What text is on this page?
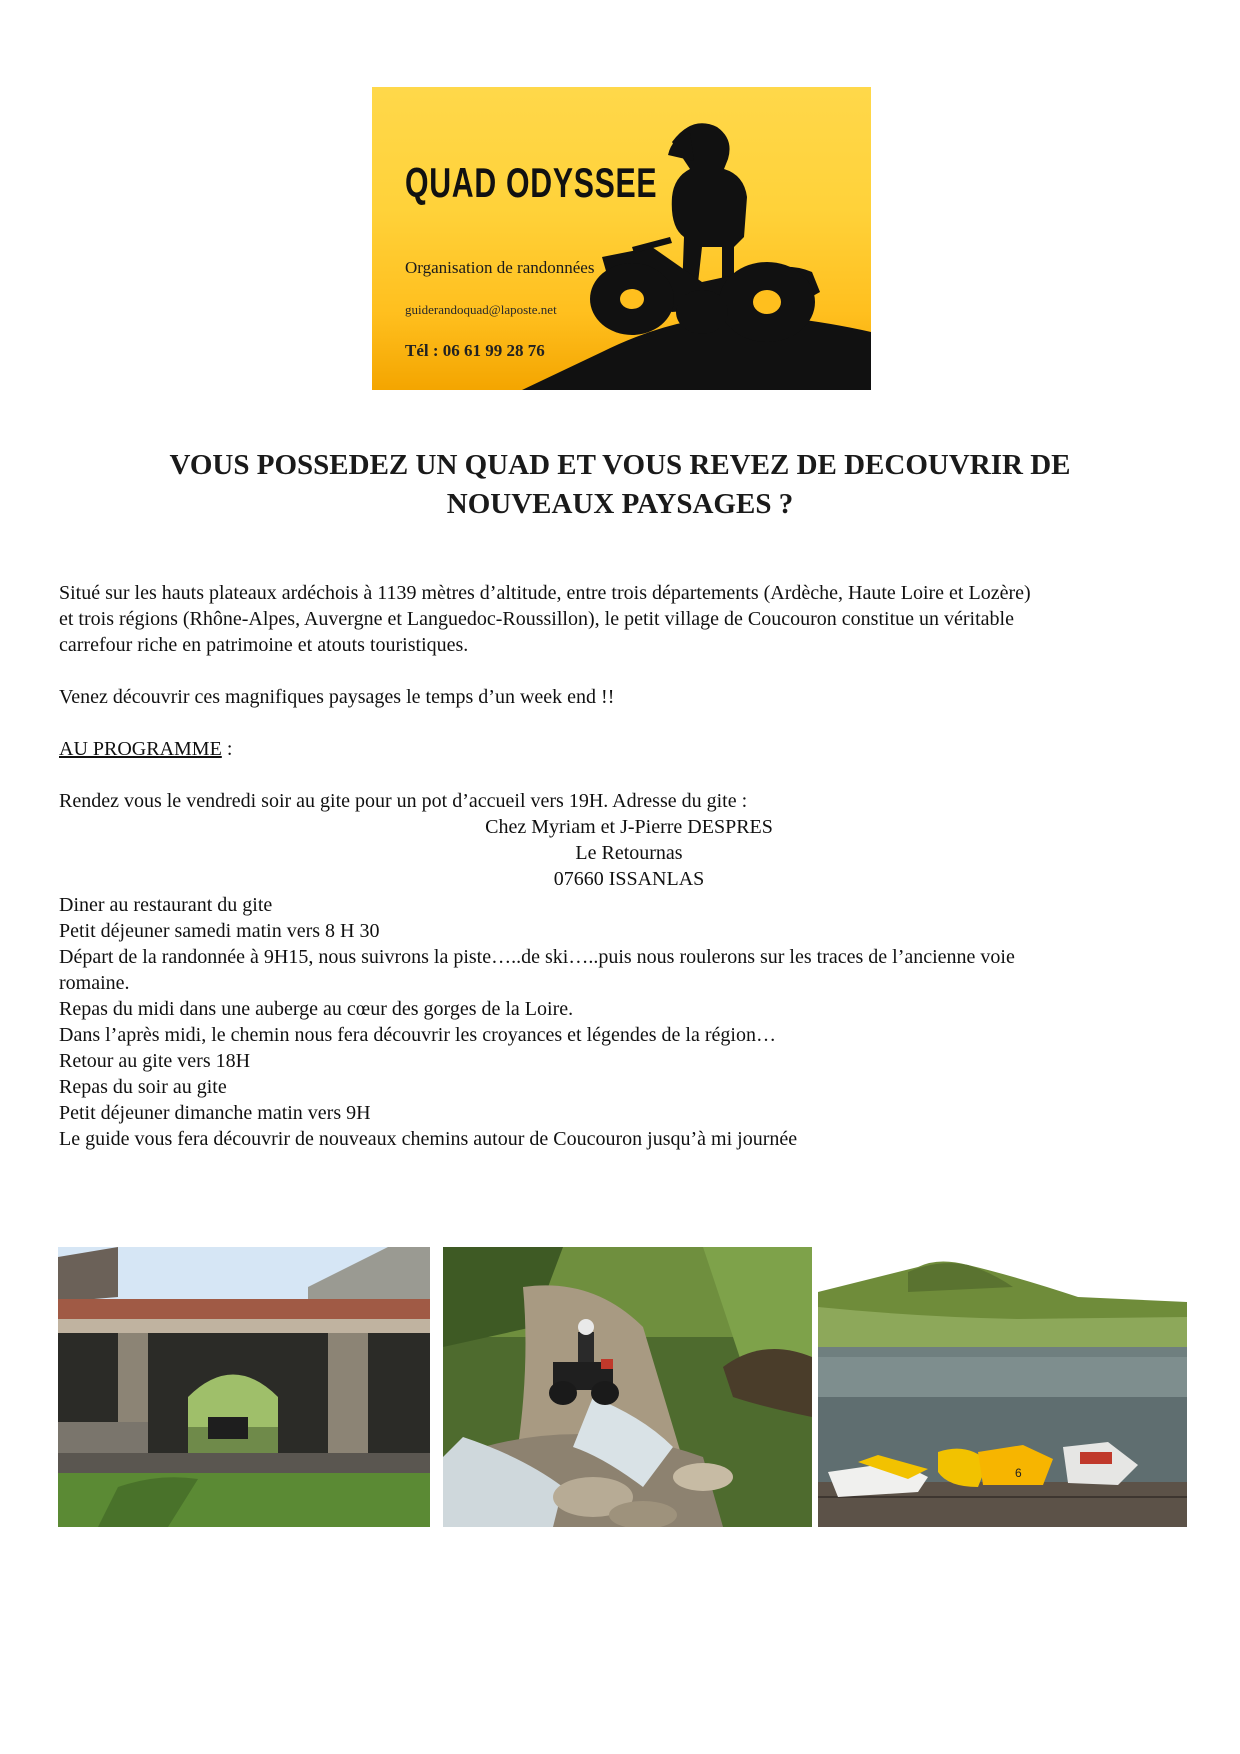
QUAD ODYSSEE
Organisation de randonnées
guiderandoquad@laposte.net
Tél : 06 61 99 28 76
VOUS POSSEDEZ UN QUAD ET VOUS REVEZ DE DECOUVRIR DE
NOUVEAUX PAYSAGES ?

Situé sur les hauts plateaux ardéchois à 1139 mètres d’altitude, entre trois départements (Ardèche, Haute Loire et Lozère)

et trois régions (Rhône-Alpes, Auvergne et Languedoc-Roussillon), le petit village de Coucouron constitue un véritable

carrefour riche en patrimoine et atouts touristiques.

Venez découvrir ces magnifiques paysages le temps d’un week end !!

AU PROGRAMME :

Rendez vous le vendredi soir au gite pour un pot d’accueil vers 19H. Adresse du gite :

Chez Myriam et J-Pierre DESPRES

Le Retournas

07660 ISSANLAS

Diner au restaurant du gite

Petit déjeuner samedi matin vers 8 H 30

Départ de la randonnée à 9H15, nous suivrons la piste…..de ski…..puis nous roulerons sur les traces de l’ancienne voie

romaine.

Repas du midi dans une auberge au cœur des gorges de la Loire.

Dans l’après midi, le chemin nous fera découvrir les croyances et légendes de la région…

Retour au gite vers 18H

Repas du soir au gite

Petit déjeuner dimanche matin vers 9H

Le guide vous fera découvrir de nouveaux chemins autour de Coucouron jusqu’à mi journée

6
